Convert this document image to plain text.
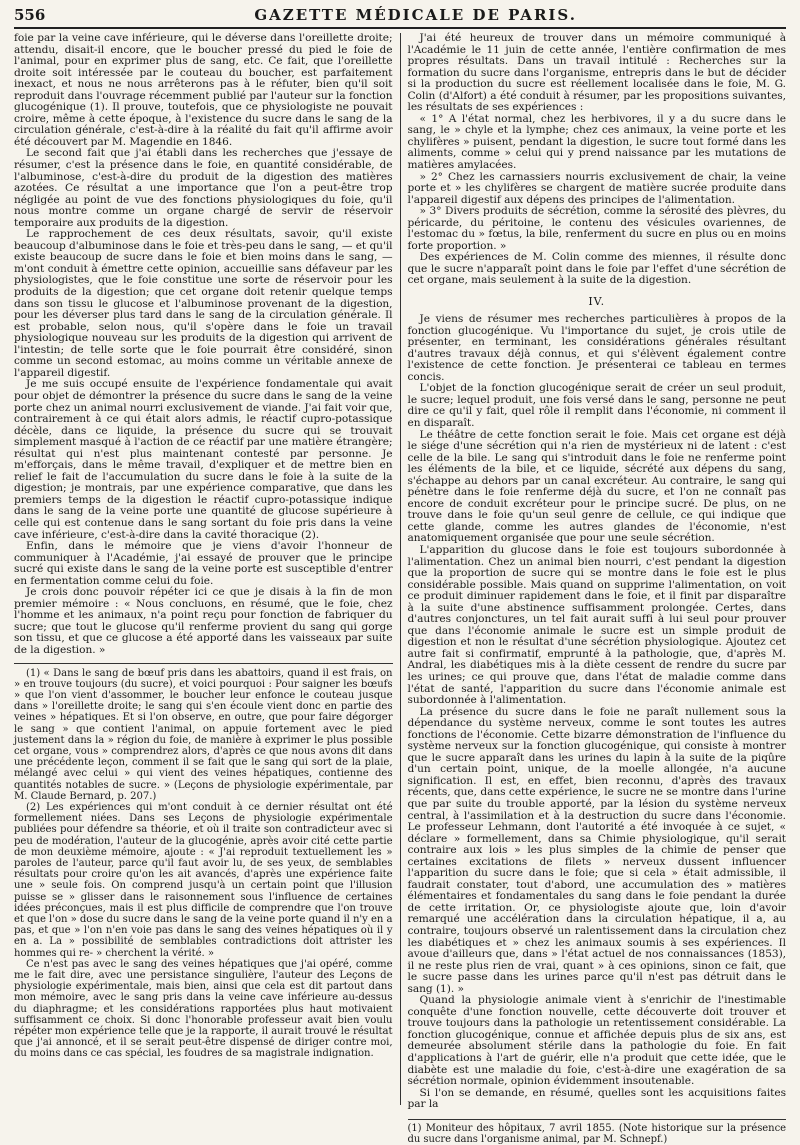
556	GAZETTE MÉDICALE DE PARIS.

foie par la veine cave inférieure, qui le déverse dans l'oreillette droite; attendu, disait-il encore, que le boucher pressé du pied le foie de l'animal, pour en exprimer plus de sang, etc. Ce fait, que l'oreillette droite soit intéressée par le couteau du boucher, est parfaitement inexact, et nous ne nous arrêterons pas à le réfuter, bien qu'il soit reproduit dans l'ouvrage récemment publié par l'auteur sur la fonction glucogénique (1). Il prouve, toutefois, que ce physiologiste ne pouvait croire, même à cette époque, à l'existence du sucre dans le sang de la circulation générale, c'est-à-dire à la réalité du fait qu'il affirme avoir été découvert par M. Magendie en 1846.

Le second fait que j'ai établi dans les recherches que j'essaye de résumer, c'est la présence dans le foie, en quantité considérable, de l'albuminose, c'est-à-dire du produit de la digestion des matières azotées. Ce résultat a une importance que l'on a peut-être trop négligée au point de vue des fonctions physiologiques du foie, qu'il nous montre comme un organe chargé de servir de réservoir temporaire aux produits de la digestion.

Le rapprochement de ces deux résultats, savoir, qu'il existe beaucoup d'albuminose dans le foie et très-peu dans le sang, — et qu'il existe beaucoup de sucre dans le foie et bien moins dans le sang, — m'ont conduit à émettre cette opinion, accueillie sans défaveur par les physiologistes, que le foie constitue une sorte de réservoir pour les produits de la digestion; que cet organe doit retenir quelque temps dans son tissu le glucose et l'albuminose provenant de la digestion, pour les déverser plus tard dans le sang de la circulation générale. Il est probable, selon nous, qu'il s'opère dans le foie un travail physiologique nouveau sur les produits de la digestion qui arrivent de l'intestin; de telle sorte que le foie pourrait être considéré, sinon comme un second estomac, au moins comme un véritable annexe de l'appareil digestif.

Je me suis occupé ensuite de l'expérience fondamentale qui avait pour objet de démontrer la présence du sucre dans le sang de la veine porte chez un animal nourri exclusivement de viande. J'ai fait voir que, contrairement à ce qui était alors admis, le réactif cupro-potassique décèle, dans ce liquide, la présence du sucre qui se trouvait simplement masqué à l'action de ce réactif par une matière étrangère; résultat qui n'est plus maintenant contesté par personne. Je m'efforçais, dans le même travail, d'expliquer et de mettre bien en relief le fait de l'accumulation du sucre dans le foie à la suite de la digestion; je montrais, par une expérience comparative, que dans les premiers temps de la digestion le réactif cupro-potassique indique dans le sang de la veine porte une quantité de glucose supérieure à celle qui est contenue dans le sang sortant du foie pris dans la veine cave inférieure, c'est-à-dire dans la cavité thoracique (2).

Enfin, dans le mémoire que je viens d'avoir l'honneur de communiquer à l'Académie, j'ai essayé de prouver que le principe sucré qui existe dans le sang de la veine porte est susceptible d'entrer en fermentation comme celui du foie.

Je crois donc pouvoir répéter ici ce que je disais à la fin de mon premier mémoire : « Nous concluons, en résumé, que le foie, chez l'homme et les animaux, n'a point reçu pour fonction de fabriquer du sucre; que tout le glucose qu'il renferme provient du sang qui gorge son tissu, et que ce glucose a été apporté dans les vaisseaux par suite de la digestion. »

(1) « Dans le sang de bœuf pris dans les abattoirs, quand il est frais, on » en trouve toujours (du sucre), et voici pourquoi : Pour saigner les bœufs » que l'on vient d'assommer, le boucher leur enfonce le couteau jusque dans » l'oreillette droite; le sang qui s'en écoule vient donc en partie des veines » hépatiques. Et si l'on observe, en outre, que pour faire dégorger le sang » que contient l'animal, on appuie fortement avec le pied justement dans la » région du foie, de manière à exprimer le plus possible cet organe, vous » comprendrez alors, d'après ce que nous avons dit dans une précédente leçon, comment il se fait que le sang qui sort de la plaie, mélangé avec celui » qui vient des veines hépatiques, contienne des quantités notables de sucre. » (Leçons de physiologie expérimentale, par M. Claude Bernard, p. 207.)

(2) Les expériences qui m'ont conduit à ce dernier résultat ont été formellement niées. Dans ses Leçons de physiologie expérimentale publiées pour défendre sa théorie, et où il traite son contradicteur avec si peu de modération, l'auteur de la glucogénie, après avoir cité cette partie de mon deuxième mémoire, ajoute : « J'ai reproduit textuellement les » paroles de l'auteur, parce qu'il faut avoir lu, de ses yeux, de semblables résultats pour croire qu'on les ait avancés, d'après une expérience faite une » seule fois. On comprend jusqu'à un certain point que l'illusion puisse se » glisser dans le raisonnement sous l'influence de certaines idées préconçues, mais il est plus difficile de comprendre que l'on trouve et que l'on » dose du sucre dans le sang de la veine porte quand il n'y en a pas, et que » l'on n'en voie pas dans le sang des veines hépatiques où il y en a. La » possibilité de semblables contradictions doit attrister les hommes qui re- » cherchent la vérité. »

Ce n'est pas avec le sang des veines hépatiques que j'ai opéré, comme me le fait dire, avec une persistance singulière, l'auteur des Leçons de physiologie expérimentale, mais bien, ainsi que cela est dit partout dans mon mémoire, avec le sang pris dans la veine cave inférieure au-dessus du diaphragme; et les considérations rapportées plus haut motivaient suffisamment ce choix. Si donc l'honorable professeur avait bien voulu répéter mon expérience telle que je la rapporte, il aurait trouvé le résultat que j'ai annoncé, et il se serait peut-être dispensé de diriger contre moi, du moins dans ce cas spécial, les foudres de sa magistrale indignation.

J'ai été heureux de trouver dans un mémoire communiqué à l'Académie le 11 juin de cette année, l'entière confirmation de mes propres résultats. Dans un travail intitulé : Recherches sur la formation du sucre dans l'organisme, entrepris dans le but de décider si la production du sucre est réellement localisée dans le foie, M. G. Colin (d'Alfort) a été conduit à résumer, par les propositions suivantes, les résultats de ses expériences :

« 1° A l'état normal, chez les herbivores, il y a du sucre dans le sang, le » chyle et la lymphe; chez ces animaux, la veine porte et les chylifères » puisent, pendant la digestion, le sucre tout formé dans les aliments, comme » celui qui y prend naissance par les mutations de matières amylacées.

» 2° Chez les carnassiers nourris exclusivement de chair, la veine porte et » les chylifères se chargent de matière sucrée produite dans l'appareil digestif aux dépens des principes de l'alimentation.

» 3° Divers produits de sécrétion, comme la sérosité des plèvres, du péricarde, du péritoine, le contenu des vésicules ovariennes, de l'estomac du » fœtus, la bile, renferment du sucre en plus ou en moins forte proportion. »

Des expériences de M. Colin comme des miennes, il résulte donc que le sucre n'apparaît point dans le foie par l'effet d'une sécrétion de cet organe, mais seulement à la suite de la digestion.

IV.

Je viens de résumer mes recherches particulières à propos de la fonction glucogénique. Vu l'importance du sujet, je crois utile de présenter, en terminant, les considérations générales résultant d'autres travaux déjà connus, et qui s'élèvent également contre l'existence de cette fonction. Je présenterai ce tableau en termes concis.

L'objet de la fonction glucogénique serait de créer un seul produit, le sucre; lequel produit, une fois versé dans le sang, personne ne peut dire ce qu'il y fait, quel rôle il remplit dans l'économie, ni comment il en disparaît.

Le théâtre de cette fonction serait le foie. Mais cet organe est déjà le siége d'une sécrétion qui n'a rien de mystérieux ni de latent : c'est celle de la bile. Le sang qui s'introduit dans le foie ne renferme point les éléments de la bile, et ce liquide, sécrété aux dépens du sang, s'échappe au dehors par un canal excréteur. Au contraire, le sang qui pénètre dans le foie renferme déjà du sucre, et l'on ne connaît pas encore de conduit excréteur pour le principe sucré. De plus, on ne trouve dans le foie qu'un seul genre de cellule, ce qui indique que cette glande, comme les autres glandes de l'économie, n'est anatomiquement organisée que pour une seule sécrétion.

L'apparition du glucose dans le foie est toujours subordonnée à l'alimentation. Chez un animal bien nourri, c'est pendant la digestion que la proportion de sucre qui se montre dans le foie est le plus considérable possible. Mais quand on supprime l'alimentation, on voit ce produit diminuer rapidement dans le foie, et il finit par disparaître à la suite d'une abstinence suffisamment prolongée. Certes, dans d'autres conjonctures, un tel fait aurait suffi à lui seul pour prouver que dans l'économie animale le sucre est un simple produit de digestion et non le résultat d'une sécrétion physiologique. Ajoutez cet autre fait si confirmatif, emprunté à la pathologie, que, d'après M. Andral, les diabétiques mis à la diète cessent de rendre du sucre par les urines; ce qui prouve que, dans l'état de maladie comme dans l'état de santé, l'apparition du sucre dans l'économie animale est subordonnée à l'alimentation.

La présence du sucre dans le foie ne paraît nullement sous la dépendance du système nerveux, comme le sont toutes les autres fonctions de l'économie. Cette bizarre démonstration de l'influence du système nerveux sur la fonction glucogénique, qui consiste à montrer que le sucre apparaît dans les urines du lapin à la suite de la piqûre d'un certain point, unique, de la moelle allongée, n'a aucune signification. Il est, en effet, bien reconnu, d'après des travaux récents, que, dans cette expérience, le sucre ne se montre dans l'urine que par suite du trouble apporté, par la lésion du système nerveux central, à l'assimilation et à la destruction du sucre dans l'économie. Le professeur Lehmann, dont l'autorité a été invoquée à ce sujet, « déclare » formellement, dans sa Chimie physiologique, qu'il serait contraire aux lois » les plus simples de la chimie de penser que certaines excitations de filets » nerveux dussent influencer l'apparition du sucre dans le foie; que si cela » était admissible, il faudrait constater, tout d'abord, une accumulation des » matières élémentaires et fondamentales du sang dans le foie pendant la durée de cette irritation. Or, ce physiologiste ajoute que, loin d'avoir remarqué une accélération dans la circulation hépatique, il a, au contraire, toujours observé un ralentissement dans la circulation chez les diabétiques et » chez les animaux soumis à ses expériences. Il avoue d'ailleurs que, dans » l'état actuel de nos connaissances (1853), il ne reste plus rien de vrai, quant » à ces opinions, sinon ce fait, que le sucre passe dans les urines parce qu'il n'est pas détruit dans le sang (1). »

Quand la physiologie animale vient à s'enrichir de l'inestimable conquête d'une fonction nouvelle, cette découverte doit trouver et trouve toujours dans la pathologie un retentissement considérable. La fonction glucogénique, connue et affichée depuis plus de six ans, est demeurée absolument stérile dans la pathologie du foie. En fait d'applications à l'art de guérir, elle n'a produit que cette idée, que le diabète est une maladie du foie, c'est-à-dire une exagération de sa sécrétion normale, opinion évidemment insoutenable.

Si l'on se demande, en résumé, quelles sont les acquisitions faites par la

(1) Moniteur des hôpitaux, 7 avril 1855. (Note historique sur la présence du sucre dans l'organisme animal, par M. Schnepf.)
